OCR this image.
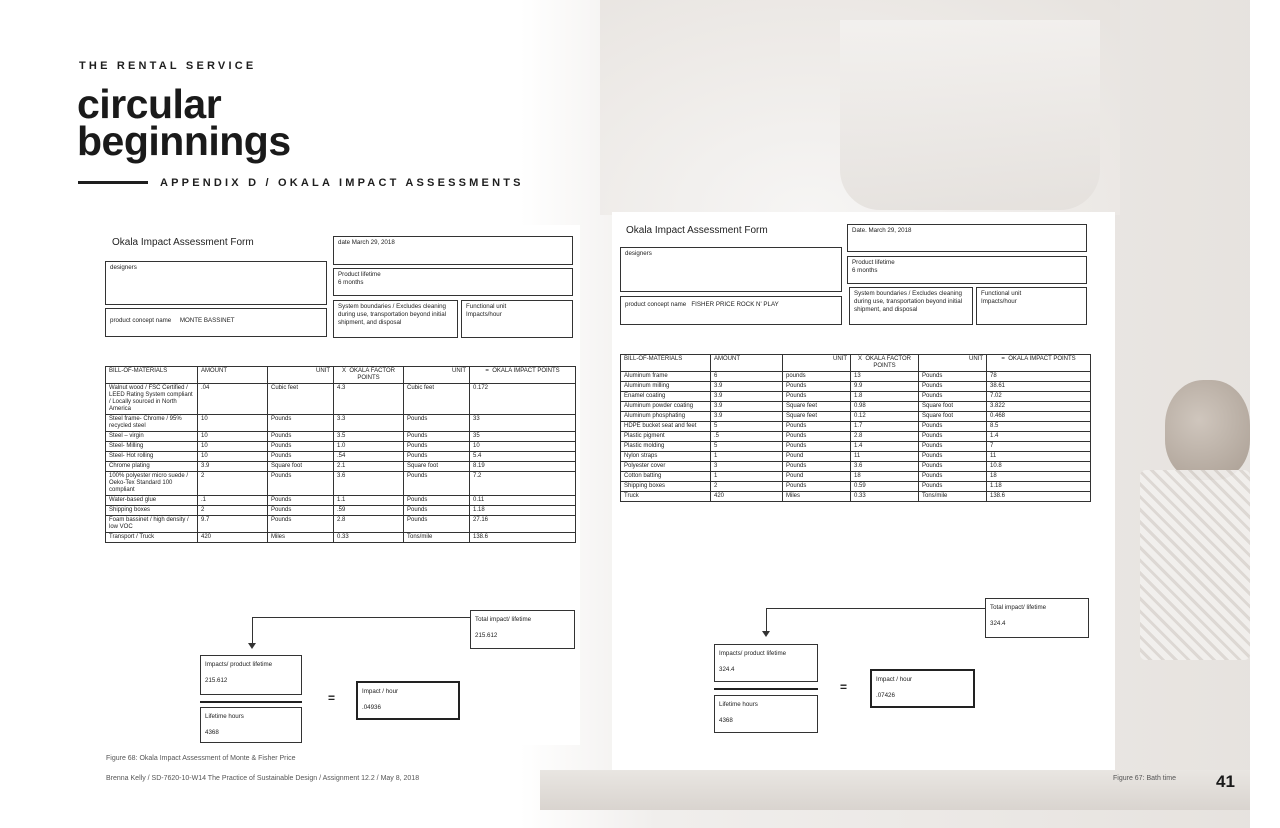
THE RENTAL SERVICE
circular
beginnings
APPENDIX D / OKALA IMPACT ASSESSMENTS
Okala Impact Assessment Form	date March 29, 2018
designers
Product lifetime
6 months
product concept name MONTE BASSINET
System boundaries / Excludes cleaning during use, transportation beyond initial shipment, and disposal
Functional unit
Impacts/hour
BILL-OF-MATERIALS	AMOUNT	UNIT	X OKALA FACTOR POINTS	UNIT	= OKALA IMPACT POINTS
Walnut wood / FSC Certified / LEED Rating System compliant / Locally sourced in North America	.04	Cubic feet	4.3	Cubic feet	0.172
Steel frame- Chrome / 95% recycled steel	10	Pounds	3.3	Pounds	33
Steel – virgin	10	Pounds	3.5	Pounds	35
Steel- Milling	10	Pounds	1.0	Pounds	10
Steel- Hot rolling	10	Pounds	.54	Pounds	5.4
Chrome plating	3.9	Square foot	2.1	Square foot	8.19
100% polyester micro suede / Oeko-Tex Standard 100 compliant	2	Pounds	3.6	Pounds	7.2
Water-based glue	.1	Pounds	1.1	Pounds	0.11
Shipping boxes	2	Pounds	.59	Pounds	1.18
Foam bassinet / high density / low VOC	9.7	Pounds	2.8	Pounds	27.16
Transport / Truck	420	Miles	0.33	Tons/mile	138.6
Total impact/ lifetime
215.612
Impacts/ product lifetime
215.612
Lifetime hours
4368
=	Impact / hour
.04936
Okala Impact Assessment Form	Date. March 29, 2018
designers
Product lifetime
6 months
product concept name FISHER PRICE ROCK N' PLAY
System boundaries / Excludes cleaning during use, transportation beyond initial shipment, and disposal
Functional unit
Impacts/hour
BILL-OF-MATERIALS	AMOUNT	UNIT	X OKALA FACTOR POINTS	UNIT	= OKALA IMPACT POINTS
Aluminum frame	6	pounds	13	Pounds	78
Aluminum milling	3.9	Pounds	9.9	Pounds	38.61
Enamel coating	3.9	Pounds	1.8	Pounds	7.02
Aluminum powder coating	3.9	Square feet	0.98	Square foot	3.822
Aluminum phosphating	3.9	Square feet	0.12	Square foot	0.468
HDPE bucket seat and feet	5	Pounds	1.7	Pounds	8.5
Plastic pigment	.5	Pounds	2.8	Pounds	1.4
Plastic molding	5	Pounds	1.4	Pounds	7
Nylon straps	1	Pound	11	Pounds	11
Polyester cover	3	Pounds	3.6	Pounds	10.8
Cotton batting	1	Pound	18	Pounds	18
Shipping boxes	2	Pounds	0.59	Pounds	1.18
Truck	420	Miles	0.33	Tons/mile	138.6
Total impact/ lifetime
324.4
Impacts/ product lifetime
324.4
Lifetime hours
4368
=
Impact / hour
.07426
Figure 68: Okala Impact Assessment of Monte & Fisher Price
Brenna Kelly / SD-7620-10-W14 The Practice of Sustainable Design / Assignment 12.2 / May 8, 2018	Figure 67: Bath time 41
